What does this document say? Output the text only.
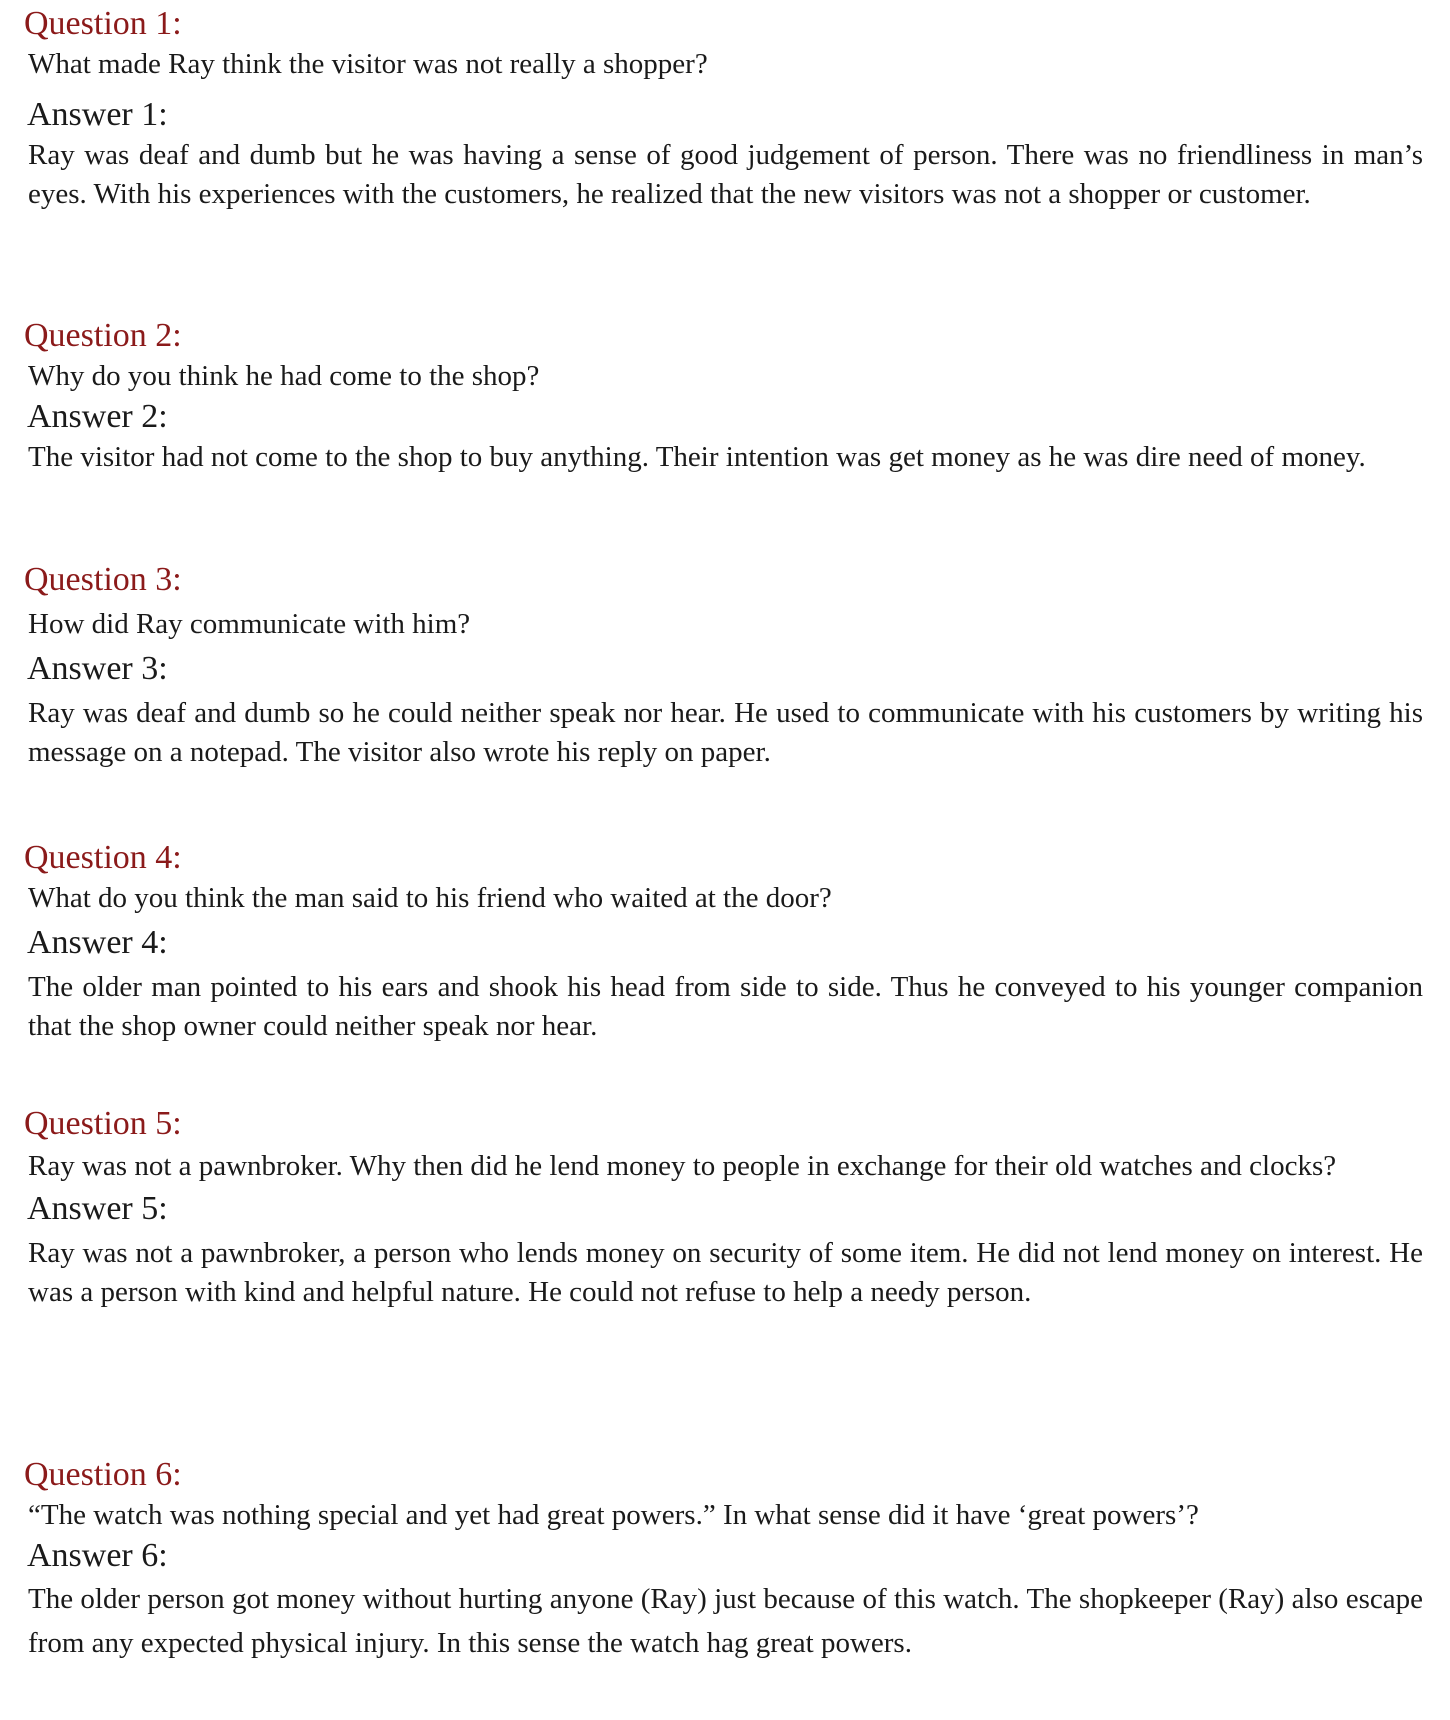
Question 1:

What made Ray think the visitor was not really a shopper?

Answer 1:

Ray was deaf and dumb but he was having a sense of good judgement of person. There was no friendliness in man’s eyes. With his experiences with the customers, he realized that the new visitors was not a shopper or customer.

Question 2:

Why do you think he had come to the shop?

Answer 2:

The visitor had not come to the shop to buy anything. Their intention was get money as he was dire need of money.

Question 3:

How did Ray communicate with him?

Answer 3:

Ray was deaf and dumb so he could neither speak nor hear. He used to communicate with his customers by writing his message on a notepad. The visitor also wrote his reply on paper.

Question 4:

What do you think the man said to his friend who waited at the door?

Answer 4:

The older man pointed to his ears and shook his head from side to side. Thus he conveyed to his younger companion that the shop owner could neither speak nor hear.

Question 5:

Ray was not a pawnbroker. Why then did he lend money to people in exchange for their old watches and clocks?

Answer 5:

Ray was not a pawnbroker, a person who lends money on security of some item. He did not lend money on interest. He was a person with kind and helpful nature. He could not refuse to help a needy person.

Question 6:

“The watch was nothing special and yet had great powers.” In what sense did it have ‘great powers’?

Answer 6:

The older person got money without hurting anyone (Ray) just because of this watch. The shopkeeper (Ray) also escape from any expected physical injury. In this sense the watch hag great powers.
